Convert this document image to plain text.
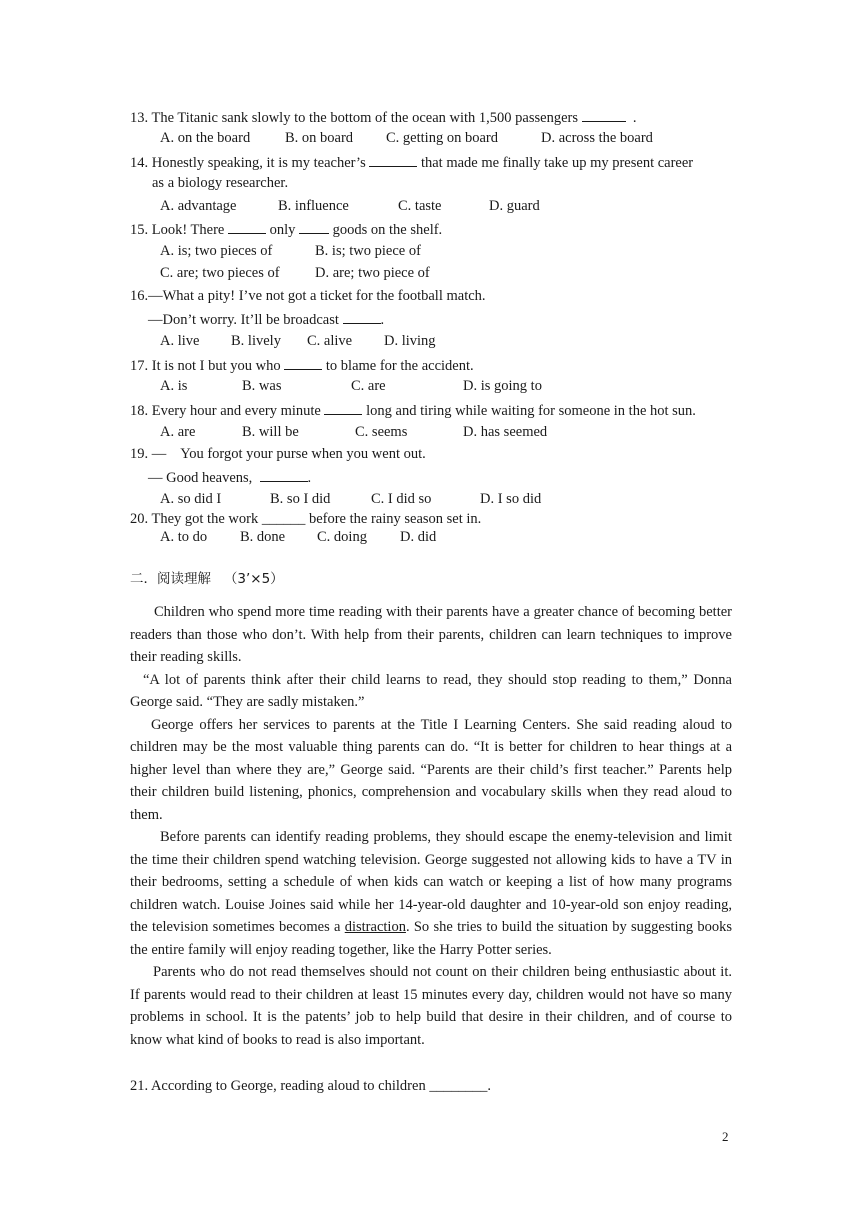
13. The Titanic sank slowly to the bottom of the ocean with 1,500 passengers	.
A. on the board B. on board C. getting on board	D. across the board
14. Honestly speaking, it is my teacher’s	that made me finally take up my present career
as a biology researcher.
A. advantage	B. influence	C. taste	D. guard
15. Look! There	only  goods on the shelf.
A. is; two pieces of	B. is; two piece of
C. are; two pieces of D. are; two piece of
16.—What a pity! I’ve not got a ticket for the football match.
—Don’t worry. It’ll be broadcast	.
A. live B. lively C. alive D. living
17. It is not I but you who	to blame for the accident.
A. is	B. was	C. are	D. is going to
18. Every hour and every minute	long and tiring while waiting for someone in the hot sun.
A. are	B. will be	C. seems	D. has seemed
19. —    You forgot your purse when you went out.
— Good heavens,	.
A. so did I	B. so I did	C. I did so	D. I so did
20. They got the work ______ before the rainy season set in.
A. to do B. done C. doing D. did
二．阅读理解   （3’×5）

Children who spend more time reading with their parents have a greater chance of becoming better readers than those who don’t. With help from their parents, children can learn techniques to improve their reading skills.

“A lot of parents think after their child learns to read, they should stop reading to them,” Donna George said. “They are sadly mistaken.”

George offers her services to parents at the Title I Learning Centers. She said reading aloud to children may be the most valuable thing parents can do. “It is better for children to hear things at a higher level than where they are,” George said. “Parents are their child’s first teacher.” Parents help their children build listening, phonics, comprehension and vocabulary skills when they read aloud to them.

Before parents can identify reading problems, they should escape the enemy-television and limit the time their children spend watching television. George suggested not allowing kids to have a TV in their bedrooms, setting a schedule of when kids can watch or keeping a list of how many programs children watch. Louise Joines said while her 14-year-old daughter and 10-year-old son enjoy reading, the television sometimes becomes a distraction. So she tries to build the situation by suggesting books the entire family will enjoy reading together, like the Harry Potter series.

Parents who do not read themselves should not count on their children being enthusiastic about it. If parents would read to their children at least 15 minutes every day, children would not have so many problems in school. It is the patents’ job to help build that desire in their children, and of course to know what kind of books to read is also important.

21. According to George, reading aloud to children ________.
2
